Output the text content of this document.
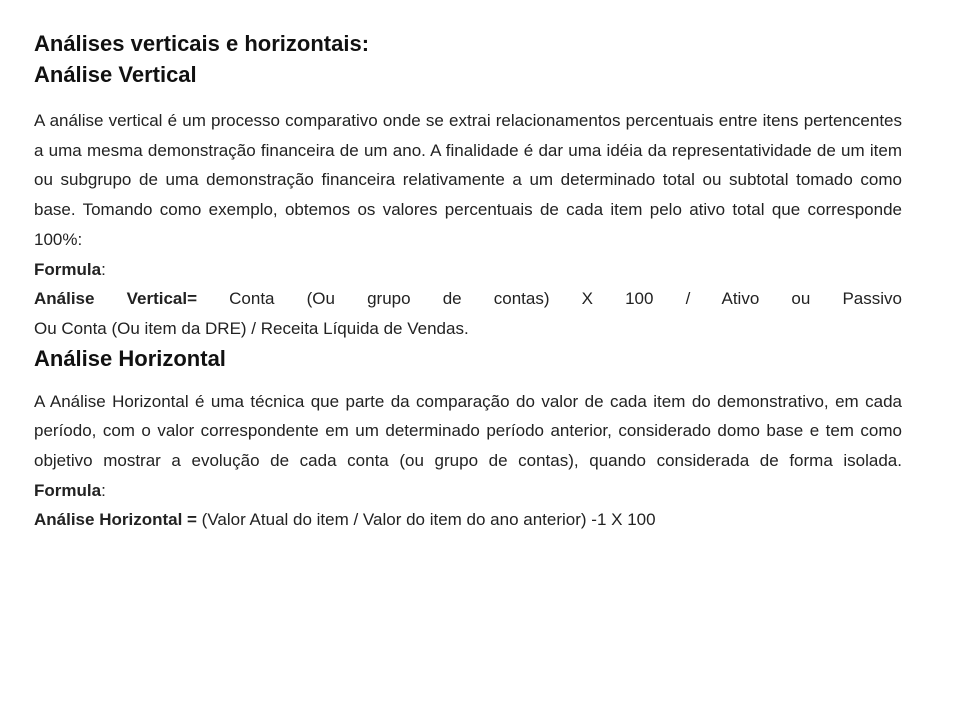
Análises verticais e horizontais:
Análise Vertical

A análise vertical é um processo comparativo onde se extrai relacionamentos percentuais entre itens pertencentes a uma mesma demonstração financeira de um ano. A finalidade é dar uma idéia da representatividade de um item ou subgrupo de uma demonstração financeira relativamente a um determinado total ou subtotal tomado como base. Tomando como exemplo, obtemos os valores percentuais de cada item pelo ativo total que corresponde 100%:

Formula:
Análise Vertical= Conta (Ou grupo de contas) X 100 / Ativo ou Passivo
Ou Conta (Ou item da DRE) / Receita Líquida de Vendas.
Análise Horizontal

A Análise Horizontal é uma técnica que parte da comparação do valor de cada item do demonstrativo, em cada período, com o valor correspondente em um determinado período anterior, considerado domo base e tem como objetivo mostrar a evolução de cada conta (ou grupo de contas), quando considerada de forma isolada.

Formula:
Análise Horizontal = (Valor Atual do item / Valor do item do ano anterior) -1 X 100
